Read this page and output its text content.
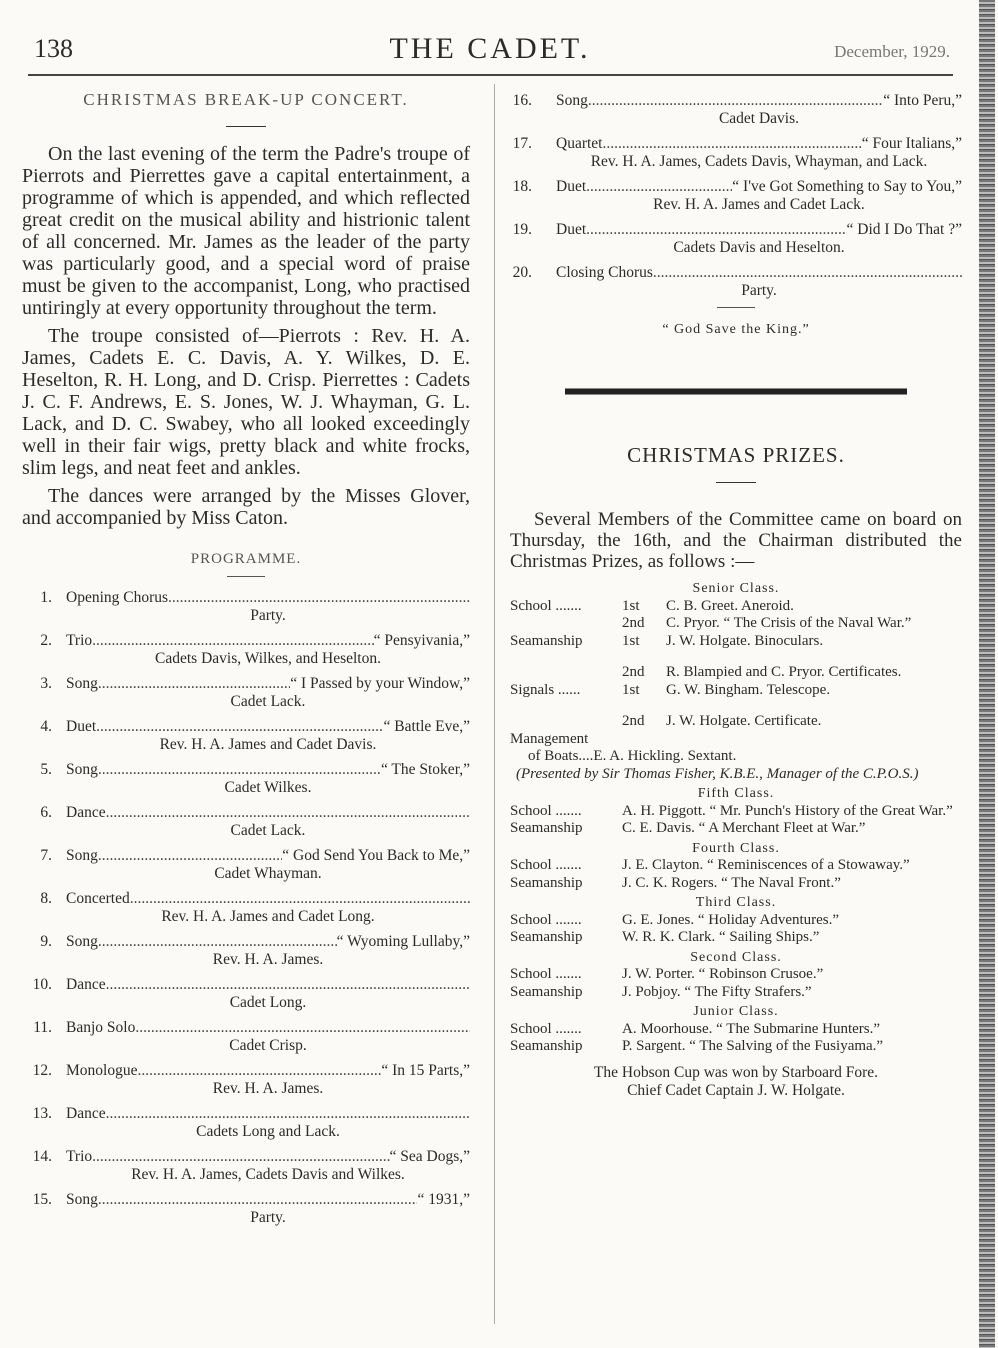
138	THE CADET.	December, 1929.
CHRISTMAS BREAK-UP CONCERT.

On the last evening of the term the Padre's troupe of Pierrots and Pierrettes gave a capital entertainment, a programme of which is appended, and which reflected great credit on the musical ability and histrionic talent of all concerned. Mr. James as the leader of the party was particularly good, and a special word of praise must be given to the accompanist, Long, who practised untiringly at every opportunity throughout the term.

The troupe consisted of—Pierrots : Rev. H. A. James, Cadets E. C. Davis, A. Y. Wilkes, D. E. Heselton, R. H. Long, and D. Crisp. Pierrettes : Cadets J. C. F. Andrews, E. S. Jones, W. J. Whayman, G. L. Lack, and D. C. Swabey, who all looked exceedingly well in their fair wigs, pretty black and white frocks, slim legs, and neat feet and ankles.

The dances were arranged by the Misses Glover, and accompanied by Miss Caton.

PROGRAMME.
1. Opening Chorus
.....
Party.
2. Trio .....	“ Pensyivania,”
Cadets Davis, Wilkes, and Heselton.
3. Song .....	“ I Passed by your Window,”
Cadet Lack.
4. Duet .....	“ Battle Eve,”
Rev. H. A. James and Cadet Davis.
5. Song .....	“ The Stoker,”
Cadet Wilkes.
6. Dance
.....
Cadet Lack.
7. Song .....	“ God Send You Back to Me,”
Cadet Whayman.
8. Concerted
.....
Rev. H. A. James and Cadet Long.
9. Song .....	“ Wyoming Lullaby,”
Rev. H. A. James.
10. Dance
.....
Cadet Long.
11. Banjo Solo
.....
Cadet Crisp.
12. Monologue .....	“ In 15 Parts,”
Rev. H. A. James.
13. Dance
.....
Cadets Long and Lack.
14. Trio .....	“ Sea Dogs,”
Rev. H. A. James, Cadets Davis and Wilkes.
15. Song .....	“ 1931,”
Party.
16. Song .....	“ Into Peru,”
Cadet Davis.
17. Quartet .....	“ Four Italians,”
Rev. H. A. James, Cadets Davis, Whayman, and Lack.
18. Duet .....	“ I've Got Something to Say to You,”
Rev. H. A. James and Cadet Lack.
19. Duet .....	“ Did I Do That ?”
Cadets Davis and Heselton.
20. Closing Chorus
.....
Party.
“ God Save the King.”
CHRISTMAS PRIZES.

Several Members of the Committee came on board on Thursday, the 16th, and the Chairman distributed the Christmas Prizes, as follows :—

Senior Class.
School .......	1st	C. B. Greet. Aneroid.
2nd	C. Pryor. “ The Crisis of the Naval War.”
Seamanship	1st	J. W. Holgate. Binoculars.
2nd	R. Blampied and C. Pryor. Certificates.
Signals ......	1st	G. W. Bingham. Telescope.
2nd	J. W. Holgate. Certificate.
Management
of Boats....E. A. Hickling. Sextant.
(Presented by Sir Thomas Fisher, K.B.E., Manager of the C.P.O.S.)
Fifth Class.
School .......	A. H. Piggott. “ Mr. Punch's History of the Great War.”
Seamanship	C. E. Davis. “ A Merchant Fleet at War.”
Fourth Class.
School .......	J. E. Clayton. “ Reminiscences of a Stowaway.”
Seamanship	J. C. K. Rogers. “ The Naval Front.”
Third Class.
School .......	G. E. Jones. “ Holiday Adventures.”
Seamanship	W. R. K. Clark. “ Sailing Ships.”
Second Class.
School .......	J. W. Porter. “ Robinson Crusoe.”
Seamanship	J. Pobjoy. “ The Fifty Strafers.”
Junior Class.
School .......	A. Moorhouse. “ The Submarine Hunters.”
Seamanship	P. Sargent. “ The Salving of the Fusiyama.”
The Hobson Cup was won by Starboard Fore.
Chief Cadet Captain J. W. Holgate.
